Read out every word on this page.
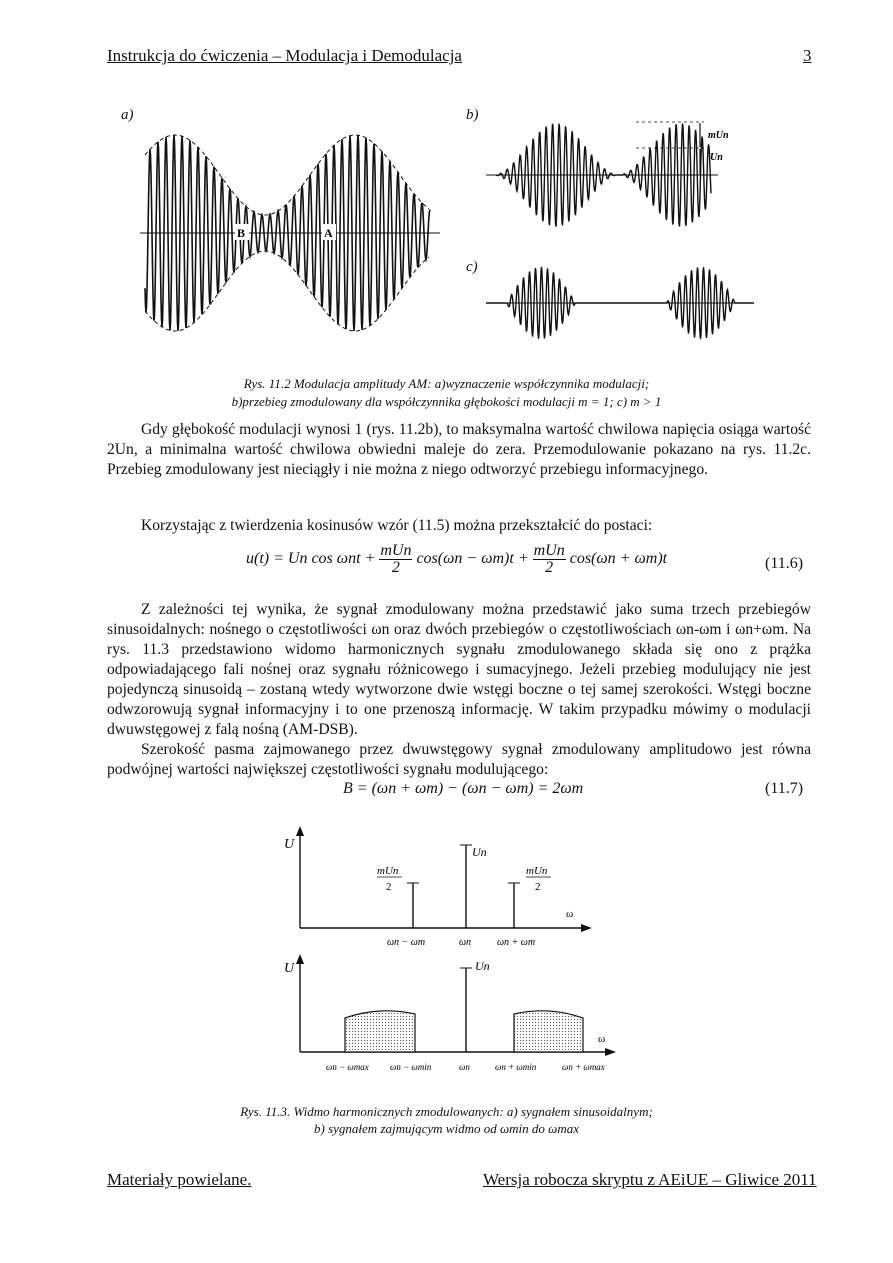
Instrukcja do ćwiczenia – Modulacja i Demodulacja	3
a)	b)
c)
B	A
mUn
Un
Rys. 11.2 Modulacja amplitudy AM: a)wyznaczenie współczynnika modulacji;
b)przebieg zmodulowany dla współczynnika głębokości modulacji m = 1; c) m > 1
Gdy głębokość modulacji wynosi 1 (rys. 11.2b), to maksymalna wartość chwilowa napięcia osiąga wartość 2Un, a minimalna wartość chwilowa obwiedni maleje do zera. Przemodulowanie pokazano na rys. 11.2c. Przebieg zmodulowany jest nieciągły i nie można z niego odtworzyć przebiegu informacyjnego.
Korzystając z twierdzenia kosinusów wzór (11.5) można przekształcić do postaci:
u(t) = Un $\cos \omega nt + \frac{\text{mUn}}{2} \cos(\omega n - \omega m)t + \frac{\text{mUn}}{2} \cos(\omega n + \omega m)t$	(11.6)
Z zależności tej wynika, że sygnał zmodulowany można przedstawić jako suma trzech przebiegów sinusoidalnych: nośnego o częstotliwości ωn oraz dwóch przebiegów o częstotliwościach ωn-ωm i ωn+ωm. Na rys. 11.3 przedstawiono widomo harmonicznych sygnału zmodulowanego składa się ono z prążka odpowiadającego fali nośnej oraz sygnału różnicowego i sumacyjnego. Jeżeli przebieg modulujący nie jest pojedynczą sinusoidą – zostaną wtedy wytworzone dwie wstęgi boczne o tej samej szerokości. Wstęgi boczne odwzorowują sygnał informacyjny i to one przenoszą informację. W takim przypadku mówimy o modulacji dwuwstęgowej z falą nośną (AM-DSB).
Szerokość pasma zajmowanego przez dwuwstęgowy sygnał zmodulowany amplitudowo jest równa podwójnej wartości największej częstotliwości sygnału modulującego:
B = (ωn + ωm) − (ωn − ωm) = 2ωm	(11.7)
U
ω
Un
mUn
2
mUn
2
ωn − ωm	ωn	ωn + ωm
U
ω
Un
ωn − ωmax ωn − ωmin	ωn	ωn + ωmin	ωn + ωmax
Rys. 11.3. Widmo harmonicznych zmodulowanych: a) sygnałem sinusoidalnym;
b) sygnałem zajmującym widmo od ωmin do ωmax
Materiały powielane.	Wersja robocza skryptu z AEiUE – Gliwice 2011
